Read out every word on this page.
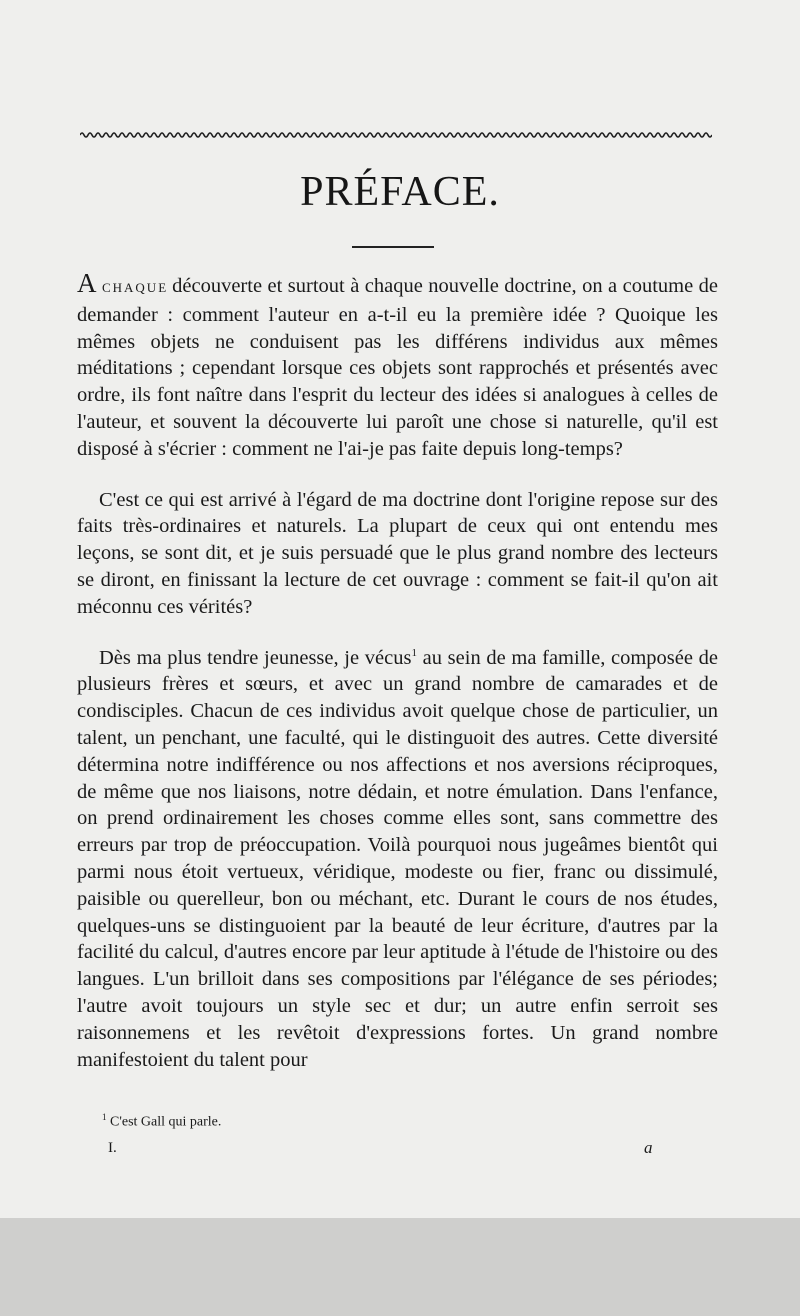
PRÉFACE.

A CHAQUE découverte et surtout à chaque nouvelle doctrine, on a coutume de demander : comment l'auteur en a-t-il eu la première idée ? Quoique les mêmes objets ne conduisent pas les différens individus aux mêmes méditations ; cependant lorsque ces objets sont rapprochés et présentés avec ordre, ils font naître dans l'esprit du lecteur des idées si analogues à celles de l'auteur, et souvent la découverte lui paroît une chose si naturelle, qu'il est disposé à s'écrier : comment ne l'ai-je pas faite depuis long-temps?

C'est ce qui est arrivé à l'égard de ma doctrine dont l'origine repose sur des faits très-ordinaires et naturels. La plupart de ceux qui ont entendu mes leçons, se sont dit, et je suis persuadé que le plus grand nombre des lecteurs se diront, en finissant la lecture de cet ouvrage : comment se fait-il qu'on ait méconnu ces vérités?

Dès ma plus tendre jeunesse, je vécus$^1$ au sein de ma famille, composée de plusieurs frères et sœurs, et avec un grand nombre de camarades et de condisciples. Chacun de ces individus avoit quelque chose de particulier, un talent, un penchant, une faculté, qui le distinguoit des autres. Cette diversité détermina notre indifférence ou nos affections et nos aversions réciproques, de même que nos liaisons, notre dédain, et notre émulation. Dans l'enfance, on prend ordinairement les choses comme elles sont, sans commettre des erreurs par trop de préoccupation. Voilà pourquoi nous jugeâmes bientôt qui parmi nous étoit vertueux, véridique, modeste ou fier, franc ou dissimulé, paisible ou querelleur, bon ou méchant, etc. Durant le cours de nos études, quelques-uns se distinguoient par la beauté de leur écriture, d'autres par la facilité du calcul, d'autres encore par leur aptitude à l'étude de l'histoire ou des langues. L'un brilloit dans ses compositions par l'élégance de ses périodes; l'autre avoit toujours un style sec et dur; un autre enfin serroit ses raisonnemens et les revêtoit d'expressions fortes. Un grand nombre manifestoient du talent pour

$^1$ C'est Gall qui parle.
I.	a
